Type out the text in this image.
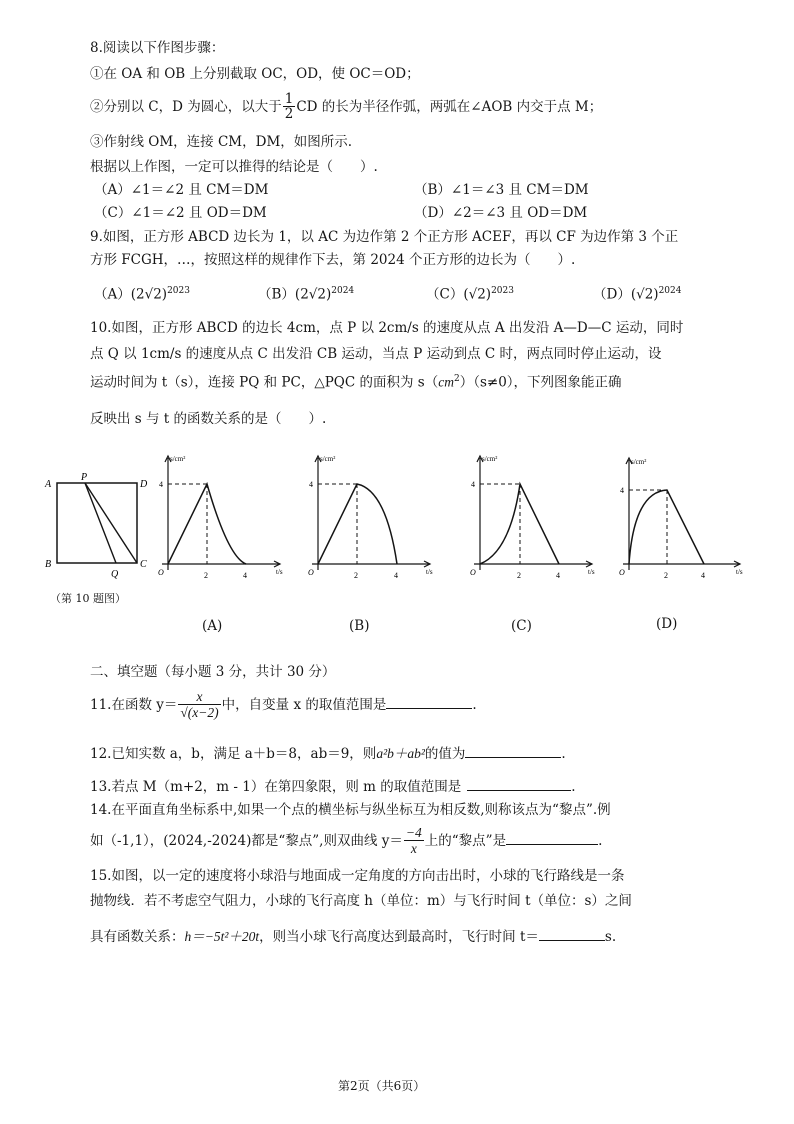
8.阅读以下作图步骤：
①在 OA 和 OB 上分别截取 OC，OD，使 OC＝OD；
②分别以 C，D 为圆心，以大于 $\frac{1}{2}$ CD 的长为半径作弧，两弧在∠AOB 内交于点 M；
③作射线 OM，连接 CM，DM，如图所示.
根据以上作图，一定可以推得的结论是（　　）.
（A）∠1＝∠2 且 CM＝DM	（B）∠1＝∠3 且 CM＝DM
（C）∠1＝∠2 且 OD＝DM	（D）∠2＝∠3 且 OD＝DM
9.如图，正方形 ABCD 边长为 1，以 AC 为边作第 2 个正方形 ACEF，再以 CF 为边作第 3 个正
方形 FCGH，…，按照这样的规律作下去，第 2024 个正方形的边长为（　　）.
$(A)(2√2)^{2023}$	$(B)(2√2)^{2024}$	$(C)(√2)^{2023}$	$(D)(√2)^{2024}$
10.如图，正方形 ABCD 的边长 4cm，点 P 以 2cm/s 的速度从点 A 出发沿 A—D—C 运动，同时
点 Q 以 1cm/s 的速度从点 C 出发沿 CB 运动，当点 P 运动到点 C 时，两点同时停止运动，设
运动时间为 t（s），连接 PQ 和 PC，△PQC 的面积为 $s(cm^2)(s\ne 0)$，下列图象能正确
反映出 s 与 t 的函数关系的是（　　）.
A
P
D
B
Q
C
（第 10 题图）
s/cm²
t/s
O
4
2	4
s/cm²
t/s
O
4
2	4
s/cm²
t/s
O
4
2	4
s/cm²
t/s
O
4
2	4
(A)	(B)	(C)	(D)
二、填空题（每小题 3 分，共计 30 分）
11.在函数 $y= \frac{x}{√(x-2)}$ 中，自变量 x 的取值范围是	.
12.已知实数 a，b，满足 a＋b＝8，ab＝9，则a²b＋ab²的值为	.
13.若点 M（m+2，m - 1）在第四象限，则 m 的取值范围是	.
14.在平面直角坐标系中,如果一个点的横坐标与纵坐标互为相反数,则称该点为“黎点”.例
如（-1,1），(2024,-2024)都是“黎点”,则双曲线 $y= \frac{-4}{x}$ 上的“黎点”是	.
15.如图，以一定的速度将小球沿与地面成一定角度的方向击出时，小球的飞行路线是一条
抛物线．若不考虑空气阻力，小球的飞行高度 h（单位：m）与飞行时间 t（单位：s）之间
具有函数关系：h＝−5t²＋20t，则当小球飞行高度达到最高时，飞行时间 t＝	s.
第2页（共6页）
